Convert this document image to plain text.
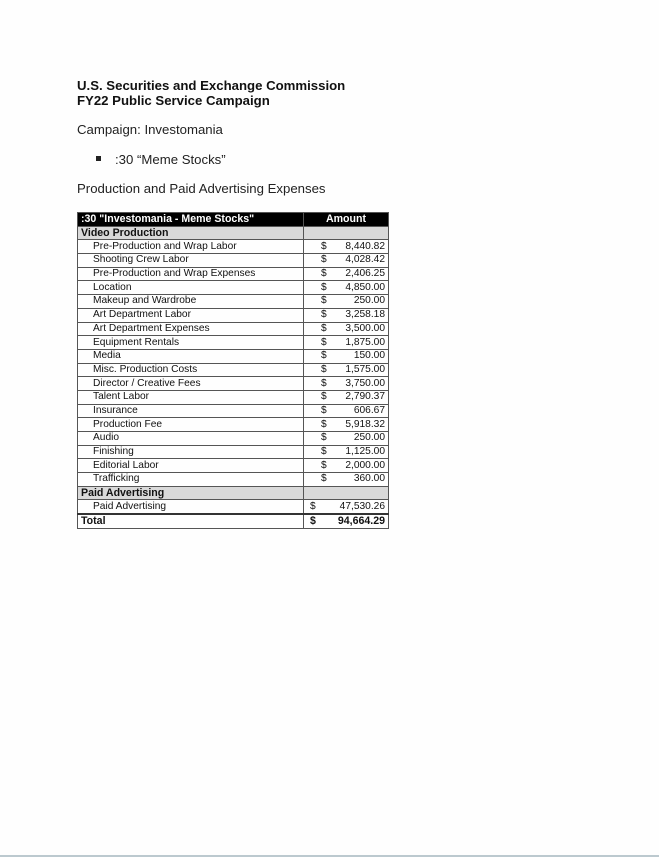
U.S. Securities and Exchange Commission
FY22 Public Service Campaign
Campaign: Investomania
:30 “Meme Stocks”
Production and Paid Advertising Expenses
:30 "Investomania - Meme Stocks"	Amount
Video Production	
Pre-Production and Wrap Labor	$ 8,440.82

Shooting Crew Labor	$ 4,028.42

Pre-Production and Wrap Expenses	$ 2,406.25

Location	$ 4,850.00

Makeup and Wardrobe	$ 250.00

Art Department Labor	$ 3,258.18

Art Department Expenses	$ 3,500.00

Equipment Rentals	$ 1,875.00

Media	$ 150.00

Misc. Production Costs	$ 1,575.00

Director / Creative Fees	$ 3,750.00

Talent Labor	$ 2,790.37

Insurance	$ 606.67

Production Fee	$ 5,918.32

Audio	$ 250.00

Finishing	$ 1,125.00

Editorial Labor	$ 2,000.00

Trafficking	$ 360.00

Paid Advertising	
Paid Advertising	$ 47,530.26

Total	$ 94,664.29
